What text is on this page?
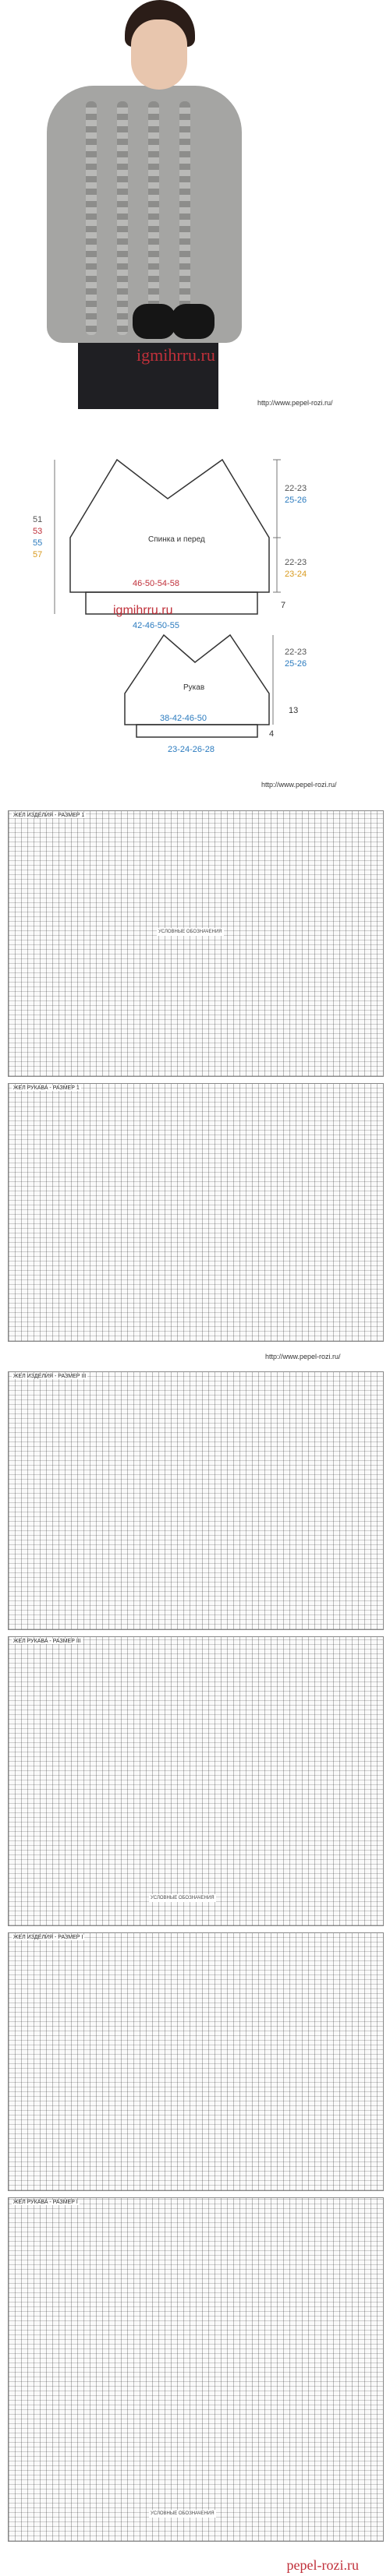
igmihrru.ru
http://www.pepel-rozi.ru/
Спинка и перед
51
53
55
57
22-23
25-26
22-23
23-24
46-50-54-58
7
42-46-50-55
igmihrru.ru
Рукав
22-23
25-26
13
38-42-46-50
4
23-24-26-28
http://www.pepel-rozi.ru/
ЖЕЛ ИЗДЕЛИЯ - РАЗМЕР 1
УСЛОВНЫЕ ОБОЗНАЧЕНИЯ
ЖЕЛ РУКАВА - РАЗМЕР 1
http://www.pepel-rozi.ru/
ЖЕЛ ИЗДЕЛИЯ - РАЗМЕР III
ЖЕЛ РУКАВА - РАЗМЕР III
УСЛОВНЫЕ ОБОЗНАЧЕНИЯ
ЖЕЛ ИЗДЕЛИЯ - РАЗМЕР I
ЖЕЛ РУКАВА - РАЗМЕР I
УСЛОВНЫЕ ОБОЗНАЧЕНИЯ
pepel-rozi.ru
